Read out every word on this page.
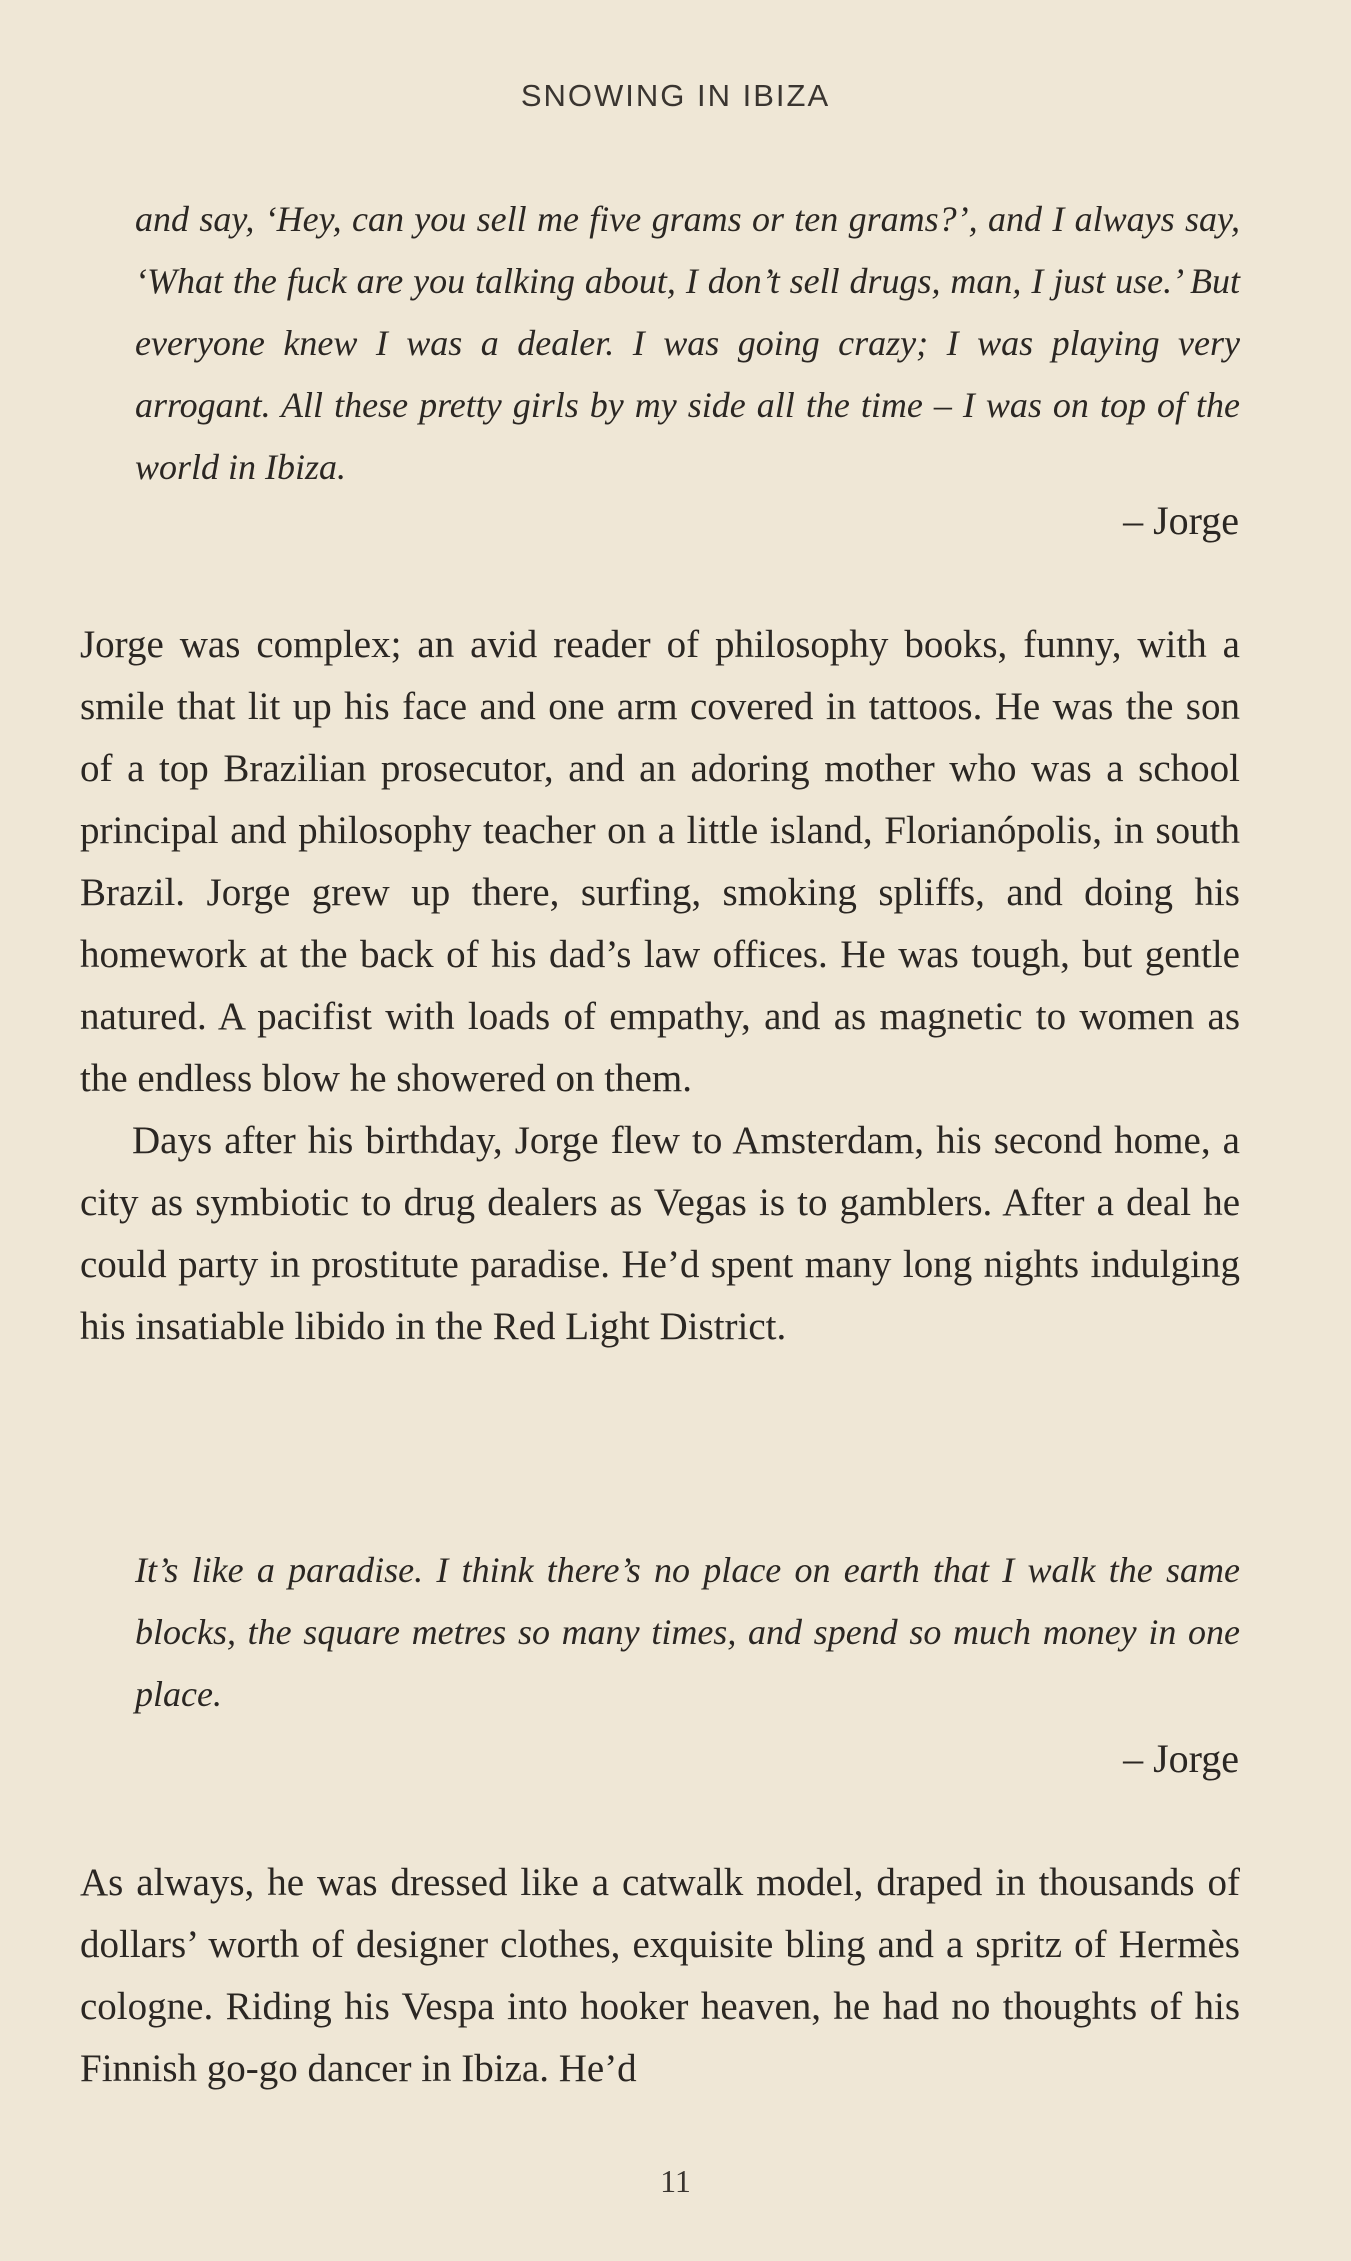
SNOWING IN IBIZA
and say, ‘Hey, can you sell me five grams or ten grams?’, and I always say, ‘What the fuck are you talking about, I don’t sell drugs, man, I just use.’ But everyone knew I was a dealer. I was going crazy; I was playing very arrogant. All these pretty girls by my side all the time – I was on top of the world in Ibiza.
– Jorge

Jorge was complex; an avid reader of philosophy books, funny, with a smile that lit up his face and one arm covered in tattoos. He was the son of a top Brazilian prosecutor, and an adoring mother who was a school principal and philosophy teacher on a little island, Florianópolis, in south Brazil. Jorge grew up there, surfing, smoking spliffs, and doing his homework at the back of his dad’s law offices. He was tough, but gentle natured. A pacifist with loads of empathy, and as magnetic to women as the endless blow he showered on them.

Days after his birthday, Jorge flew to Amsterdam, his second home, a city as symbiotic to drug dealers as Vegas is to gamblers. After a deal he could party in prostitute paradise. He’d spent many long nights indulging his insatiable libido in the Red Light District.

It’s like a paradise. I think there’s no place on earth that I walk the same blocks, the square metres so many times, and spend so much money in one place.
– Jorge

As always, he was dressed like a catwalk model, draped in thousands of dollars’ worth of designer clothes, exquisite bling and a spritz of Hermès cologne. Riding his Vespa into hooker heaven, he had no thoughts of his Finnish go-go dancer in Ibiza. He’d

11
